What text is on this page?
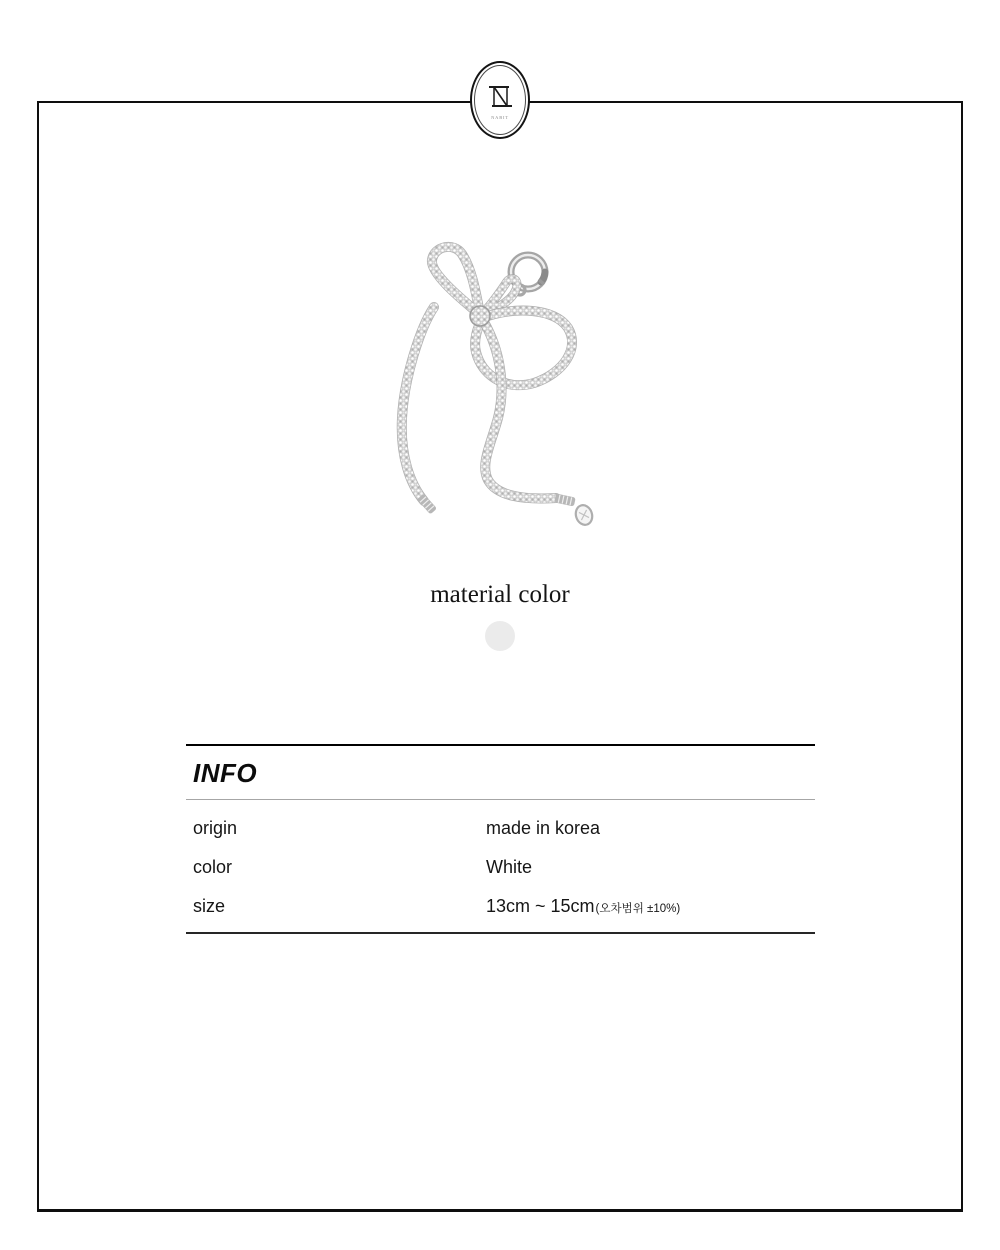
NABIT
material color
INFO
origin	made in korea
color	White
size	13cm ~ 15cm (오차범위 ±10%)
